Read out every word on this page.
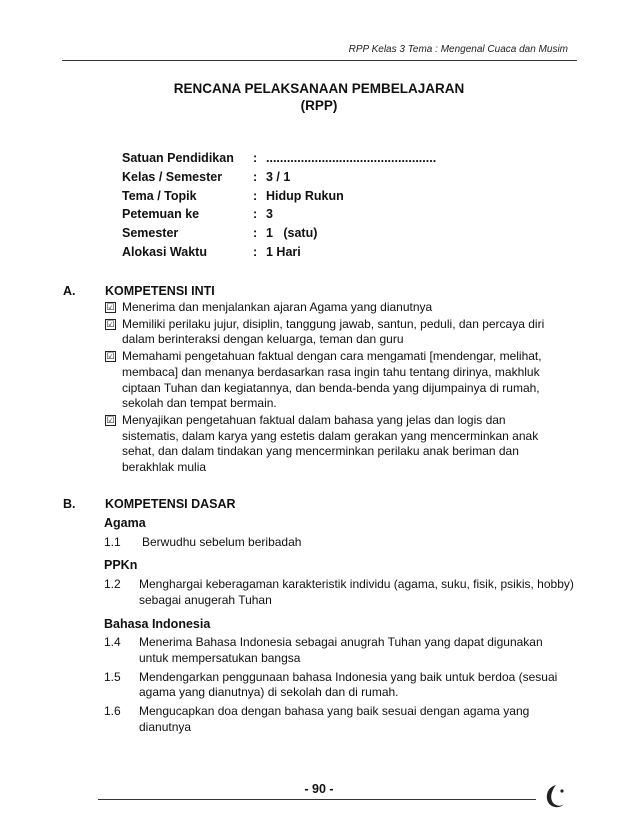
RPP Kelas 3 Tema : Mengenal Cuaca dan Musim
RENCANA PELAKSANAAN PEMBELAJARAN
(RPP)
Satuan Pendidikan	:	.................................................
Kelas / Semester	:	3 / 1
Tema / Topik	:	Hidup Rukun
Petemuan ke	:	3
Semester	:	1   (satu)
Alokasi Waktu	:	1 Hari
A. KOMPETENSI INTI
☑ Menerima dan menjalankan ajaran Agama yang dianutnya
☑ Memiliki perilaku jujur, disiplin, tanggung jawab, santun, peduli, dan percaya diri dalam berinteraksi dengan keluarga, teman dan guru
☑ Memahami pengetahuan faktual dengan cara mengamati [mendengar, melihat, membaca] dan menanya berdasarkan rasa ingin tahu tentang dirinya, makhluk ciptaan Tuhan dan kegiatannya, dan benda-benda yang dijumpainya di rumah, sekolah dan tempat bermain.
☑ Menyajikan pengetahuan faktual dalam bahasa yang jelas dan logis dan sistematis, dalam karya yang estetis dalam gerakan yang mencerminkan anak sehat, dan dalam tindakan yang mencerminkan perilaku anak beriman dan berakhlak mulia
B. KOMPETENSI DASAR
Agama
1.1 Berwudhu sebelum beribadah
PPKn
1.2 Menghargai keberagaman karakteristik individu (agama, suku, fisik, psikis, hobby) sebagai anugerah Tuhan
Bahasa Indonesia
1.4 Menerima Bahasa Indonesia sebagai anugrah Tuhan yang dapat digunakan untuk mempersatukan bangsa
1.5 Mendengarkan penggunaan bahasa Indonesia yang baik untuk berdoa (sesuai agama yang dianutnya) di sekolah dan di rumah.
1.6 Mengucapkan doa dengan bahasa yang baik sesuai dengan agama yang dianutnya
- 90 -
